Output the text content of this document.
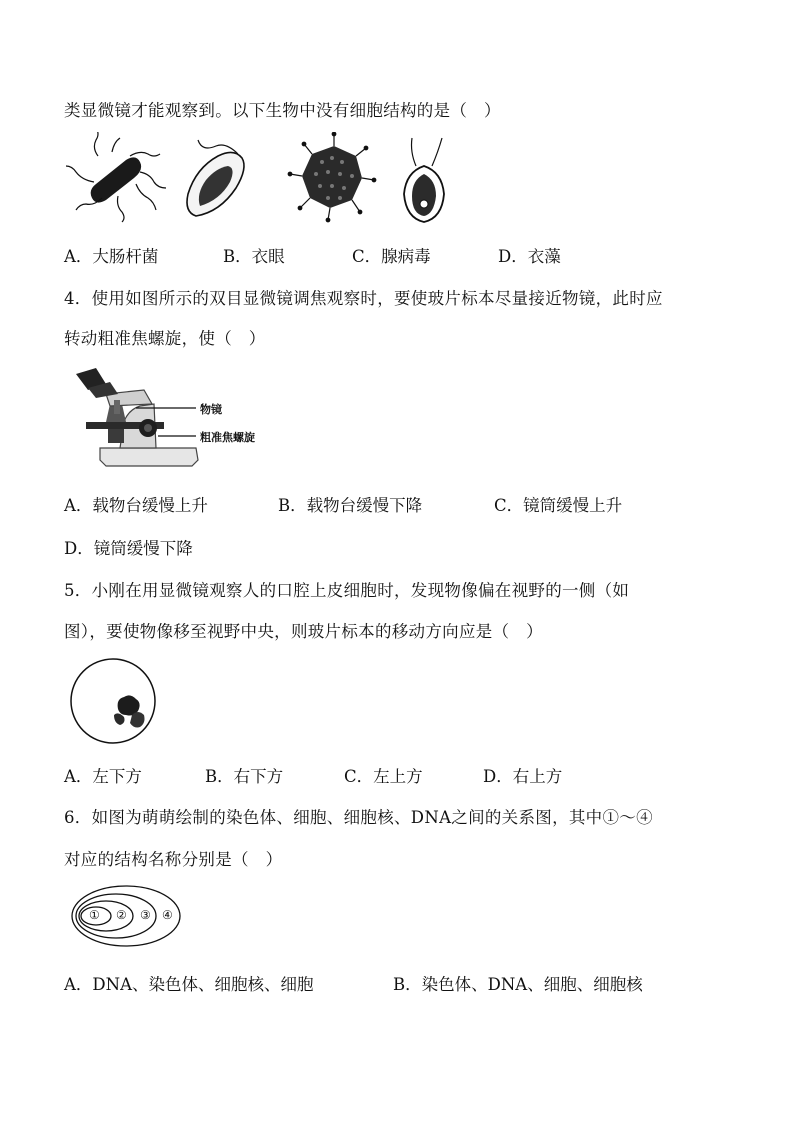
类显微镜才能观察到。以下生物中没有细胞结构的是（　）
A．大肠杆菌	B．衣眼	C．腺病毒	D．衣藻
4．使用如图所示的双目显微镜调焦观察时，要使玻片标本尽量接近物镜，此时应
转动粗准焦螺旋，使（　）
物镜
粗准焦螺旋
A．载物台缓慢上升	B．载物台缓慢下降	C．镜筒缓慢上升
D．镜筒缓慢下降
5．小刚在用显微镜观察人的口腔上皮细胞时，发现物像偏在视野的一侧（如
图），要使物像移至视野中央，则玻片标本的移动方向应是（　）
A．左下方	B．右下方	C．左上方	D．右上方
6．如图为萌萌绘制的染色体、细胞、细胞核、DNA之间的关系图，其中①～④
对应的结构名称分别是（　）
① ② ③ ④
A．DNA、染色体、细胞核、细胞	B．染色体、DNA、细胞、细胞核
